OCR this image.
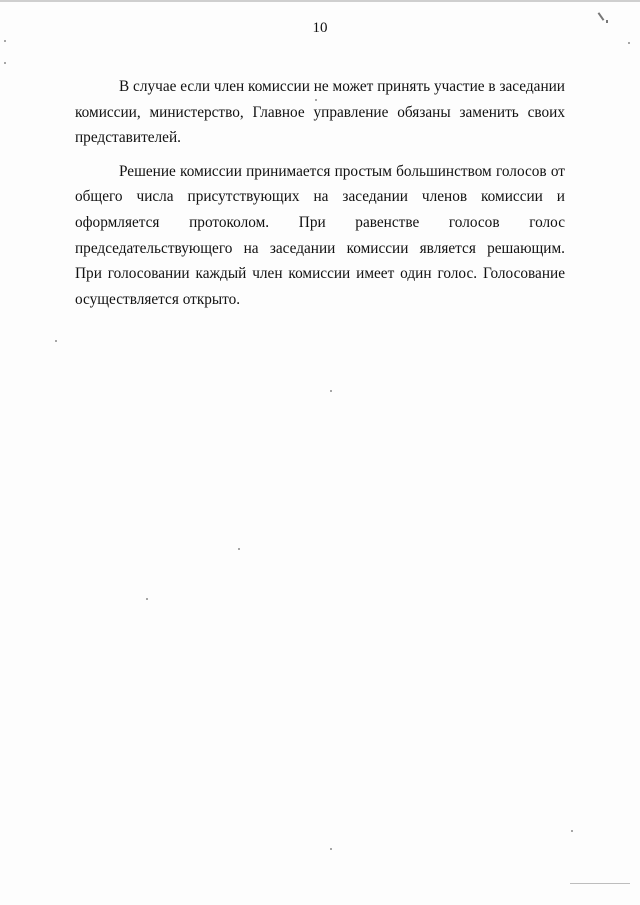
10

В случае если член комиссии не может принять участие в заседании
комиссии, министерство, Главное управление обязаны заменить своих
представителей.

Решение комиссии принимается простым большинством голосов от
общего числа присутствующих на заседании членов комиссии и
оформляется протоколом. При равенстве голосов голос
председательствующего на заседании комиссии является решающим.
При голосовании каждый член комиссии имеет один голос. Голосование
осуществляется открыто.
